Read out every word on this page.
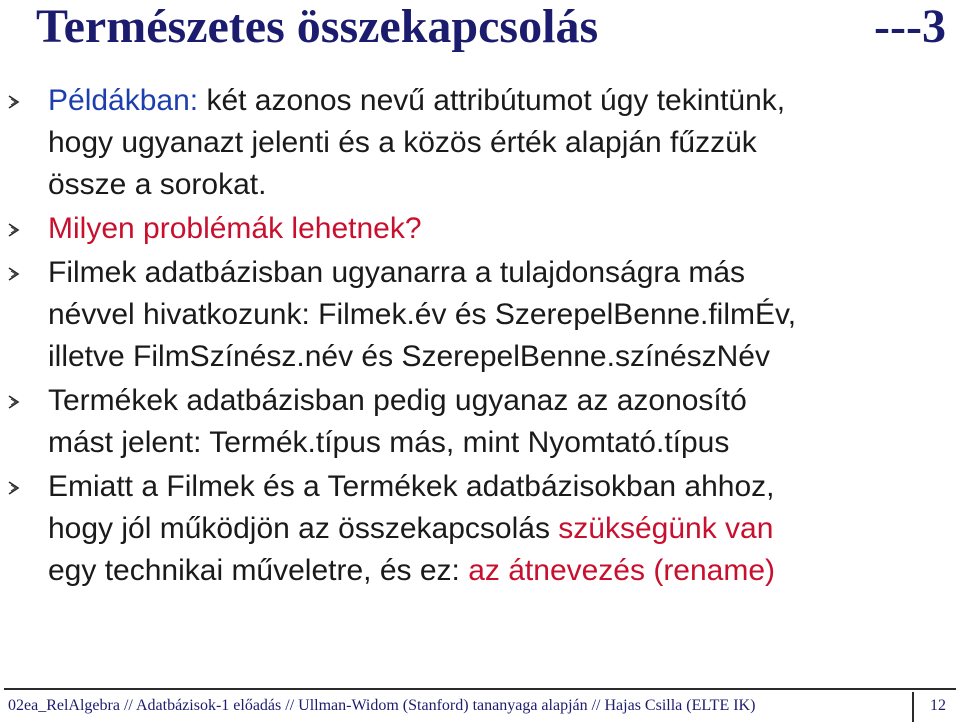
Természetes összekapcsolás	---3
02ea_RelAlgebra // Adatbázisok-1 előadás // Ullman-Widom (Stanford) tananyaga alapján // Hajas Csilla (ELTE IK)	12
Példákban: két azonos nevű attribútumot úgy tekintünk,
hogy ugyanazt jelenti és a közös érték alapján fűzzük
össze a sorokat.
Milyen problémák lehetnek?
Filmek adatbázisban ugyanarra a tulajdonságra más
névvel hivatkozunk: Filmek.év és SzerepelBenne.filmÉv,
illetve FilmSzínész.név és SzerepelBenne.színészNév
Termékek adatbázisban pedig ugyanaz az azonosító
mást jelent: Termék.típus más, mint Nyomtató.típus
Emiatt a Filmek és a Termékek adatbázisokban ahhoz,
hogy jól működjön az összekapcsolás szükségünk van
egy technikai műveletre, és ez: az átnevezés (rename)
